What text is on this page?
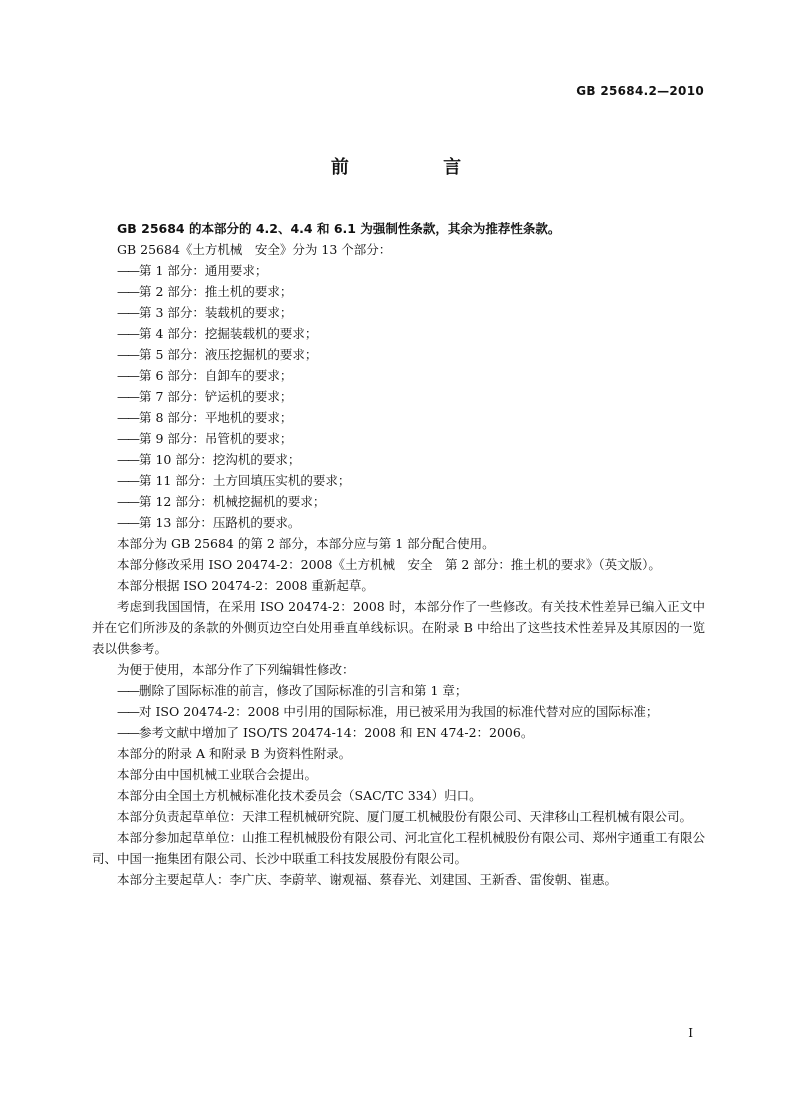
GB 25684.2—2010

前 言

GB 25684 的本部分的 4.2、4.4 和 6.1 为强制性条款，其余为推荐性条款。

GB 25684《土方机械　安全》分为 13 个部分：

—— 第 1 部分：通用要求；

—— 第 2 部分：推土机的要求；

—— 第 3 部分：装载机的要求；

—— 第 4 部分：挖掘装载机的要求；

—— 第 5 部分：液压挖掘机的要求；

—— 第 6 部分：自卸车的要求；

—— 第 7 部分：铲运机的要求；

—— 第 8 部分：平地机的要求；

—— 第 9 部分：吊管机的要求；

—— 第 10 部分：挖沟机的要求；

—— 第 11 部分：土方回填压实机的要求；

—— 第 12 部分：机械挖掘机的要求；

—— 第 13 部分：压路机的要求。

本部分为 GB 25684 的第 2 部分，本部分应与第 1 部分配合使用。

本部分修改采用 ISO 20474-2：2008《土方机械　安全　第 2 部分：推土机的要求》（英文版）。

本部分根据 ISO 20474-2：2008 重新起草。

考虑到我国国情，在采用 ISO 20474-2：2008 时，本部分作了一些修改。有关技术性差异已编入正文中并在它们所涉及的条款的外侧页边空白处用垂直单线标识。在附录 B 中给出了这些技术性差异及其原因的一览表以供参考。

为便于使用，本部分作了下列编辑性修改：

—— 删除了国际标准的前言，修改了国际标准的引言和第 1 章；

—— 对 ISO 20474-2：2008 中引用的国际标准，用已被采用为我国的标准代替对应的国际标准；

—— 参考文献中增加了 ISO/TS 20474-14：2008 和 EN 474-2：2006。

本部分的附录 A 和附录 B 为资料性附录。

本部分由中国机械工业联合会提出。

本部分由全国土方机械标准化技术委员会（SAC/TC 334）归口。

本部分负责起草单位：天津工程机械研究院、厦门厦工机械股份有限公司、天津移山工程机械有限公司。

本部分参加起草单位：山推工程机械股份有限公司、河北宣化工程机械股份有限公司、郑州宇通重工有限公司、中国一拖集团有限公司、长沙中联重工科技发展股份有限公司。

本部分主要起草人：李广庆、李蔚苹、谢观福、蔡春光、刘建国、王新香、雷俊朝、崔惠。

I
